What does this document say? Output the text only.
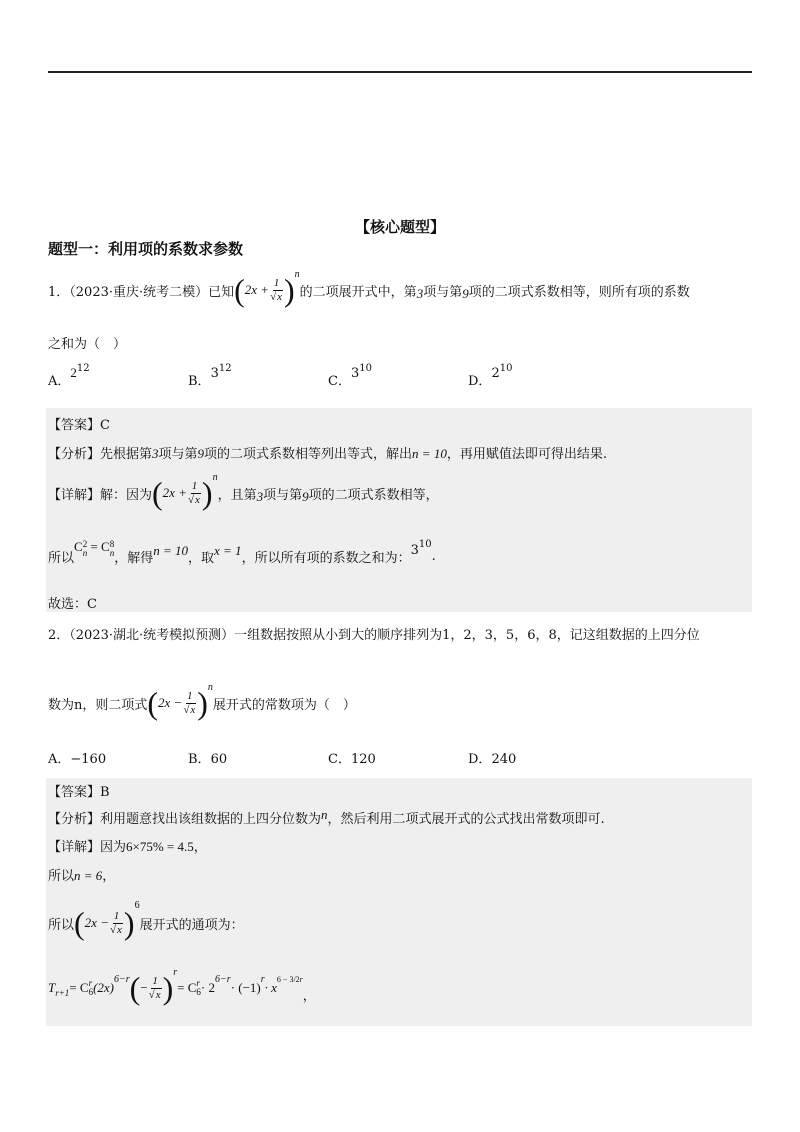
【核心题型】
题型一：利用项的系数求参数
1．（2023·重庆·统考二模）已知 ( $2x + \frac{1}{√x}$ ) n
的二项展开式中，第 3 项与第 9 项的二项式系数相等，则所有项的系数
之和为（　）
A．$2^{12}$
B．$3^{12}$
C．$3^{10}$
D．$2^{10}$
【答案】C
【分析】先根据第3项与第9项的二项式系数相等列出等式，解出n = 10，再用赋值法即可得出结果.
【详解】解：因为 ( $2x + \frac{1}{√x}$ ) n
，且第 3 项与第 9 项的二项式系数相等，
所以
C 2
n = C 8
n ，解得
n = 10
，取
x = 1
，所以所有项的系数之和为：
3 10
.
故选：C
2．（2023·湖北·统考模拟预测）一组数据按照从小到大的顺序排列为1，2，3，5，6，8，记这组数据的上四分位
数为n，则二项式 ( $2x - \frac{1}{√x}$ ) n
展开式的常数项为（　）
A．−160	B．60	C．120	D．240
【答案】B
【分析】利用题意找出该组数据的上四分位数为n，然后利用二项式展开式的公式找出常数项即可.
【详解】因为6×75% = 4.5，
所以n = 6，
所以 ( $2x - \frac{1}{√x}$ ) 6
展开式的通项为：
T r+1 = C r
6 (2x)
6−r ( − $\frac{1}{√x}$ ) r
= C r
6 · 2
6−r
· (−1)
r
· x
6 − 3/2r
，
